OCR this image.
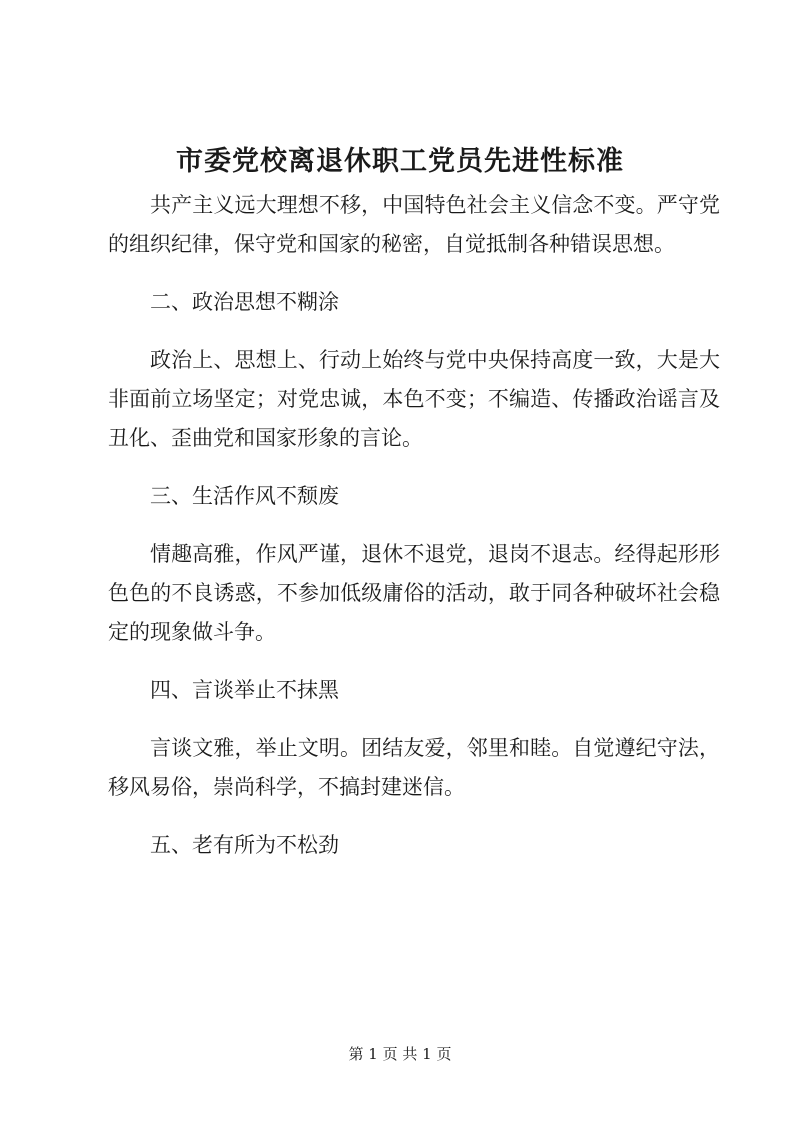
市委党校离退休职工党员先进性标准

共产主义远大理想不移，中国特色社会主义信念不变。严守党的组织纪律，保守党和国家的秘密，自觉抵制各种错误思想。

二、政治思想不糊涂

政治上、思想上、行动上始终与党中央保持高度一致，大是大非面前立场坚定；对党忠诚，本色不变；不编造、传播政治谣言及丑化、歪曲党和国家形象的言论。

三、生活作风不颓废

情趣高雅，作风严谨，退休不退党，退岗不退志。经得起形形色色的不良诱惑，不参加低级庸俗的活动，敢于同各种破坏社会稳定的现象做斗争。

四、言谈举止不抹黑

言谈文雅，举止文明。团结友爱，邻里和睦。自觉遵纪守法，移风易俗，崇尚科学，不搞封建迷信。

五、老有所为不松劲

第 1 页 共 1 页
